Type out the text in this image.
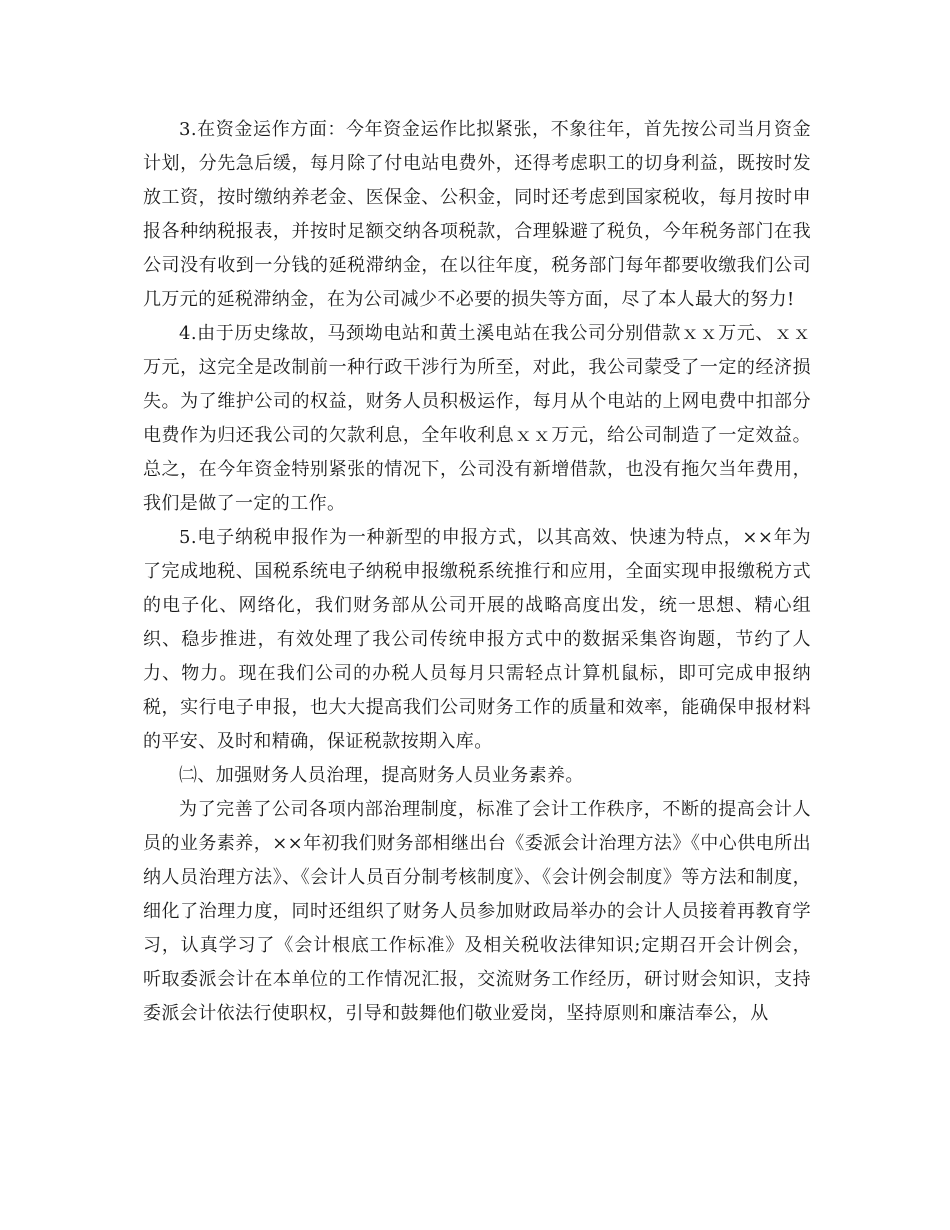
3.在资金运作方面：今年资金运作比拟紧张，不象往年，首先按公司当月资金计划，分先急后缓，每月除了付电站电费外，还得考虑职工的切身利益，既按时发放工资，按时缴纳养老金、医保金、公积金，同时还考虑到国家税收，每月按时申报各种纳税报表，并按时足额交纳各项税款，合理躲避了税负，今年税务部门在我公司没有收到一分钱的延税滞纳金，在以往年度，税务部门每年都要收缴我们公司几万元的延税滞纳金，在为公司减少不必要的损失等方面，尽了本人最大的努力!

4.由于历史缘故，马颈坳电站和黄土溪电站在我公司分别借款ｘｘ万元、ｘｘ万元，这完全是改制前一种行政干涉行为所至，对此，我公司蒙受了一定的经济损失。为了维护公司的权益，财务人员积极运作，每月从个电站的上网电费中扣部分电费作为归还我公司的欠款利息，全年收利息ｘｘ万元，给公司制造了一定效益。总之，在今年资金特别紧张的情况下，公司没有新增借款，也没有拖欠当年费用，我们是做了一定的工作。

5.电子纳税申报作为一种新型的申报方式，以其高效、快速为特点，××年为了完成地税、国税系统电子纳税申报缴税系统推行和应用，全面实现申报缴税方式的电子化、网络化，我们财务部从公司开展的战略高度出发，统一思想、精心组织、稳步推进，有效处理了我公司传统申报方式中的数据采集咨询题，节约了人力、物力。现在我们公司的办税人员每月只需轻点计算机鼠标，即可完成申报纳税，实行电子申报，也大大提高我们公司财务工作的质量和效率，能确保申报材料的平安、及时和精确，保证税款按期入库。

㈡、加强财务人员治理，提高财务人员业务素养。

为了完善了公司各项内部治理制度，标准了会计工作秩序，不断的提高会计人员的业务素养，××年初我们财务部相继出台《委派会计治理方法》《中心供电所出纳人员治理方法》、《会计人员百分制考核制度》、《会计例会制度》等方法和制度，细化了治理力度，同时还组织了财务人员参加财政局举办的会计人员接着再教育学习，认真学习了《会计根底工作标准》及相关税收法律知识;定期召开会计例会，听取委派会计在本单位的工作情况汇报，交流财务工作经历，研讨财会知识，支持委派会计依法行使职权，引导和鼓舞他们敬业爱岗，坚持原则和廉洁奉公，从
